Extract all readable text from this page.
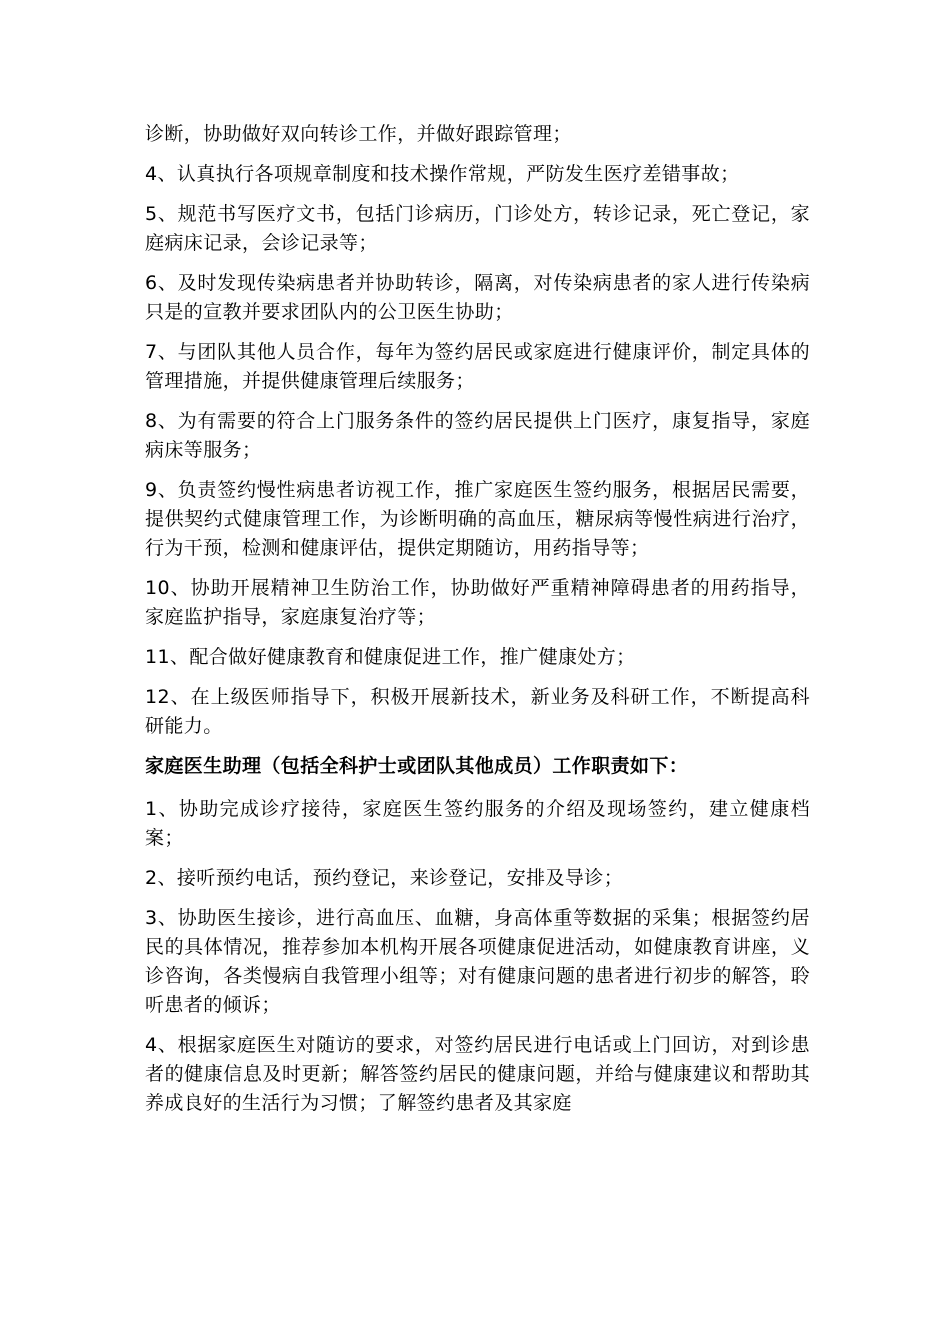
诊断，协助做好双向转诊工作，并做好跟踪管理；

4、认真执行各项规章制度和技术操作常规，严防发生医疗差错事故；

5、规范书写医疗文书，包括门诊病历，门诊处方，转诊记录，死亡登记，家庭病床记录，会诊记录等；

6、及时发现传染病患者并协助转诊，隔离，对传染病患者的家人进行传染病只是的宣教并要求团队内的公卫医生协助；

7、与团队其他人员合作，每年为签约居民或家庭进行健康评价，制定具体的管理措施，并提供健康管理后续服务；

8、为有需要的符合上门服务条件的签约居民提供上门医疗，康复指导，家庭病床等服务；

9、负责签约慢性病患者访视工作，推广家庭医生签约服务，根据居民需要，提供契约式健康管理工作，为诊断明确的高血压，糖尿病等慢性病进行治疗，行为干预，检测和健康评估，提供定期随访，用药指导等；

10、协助开展精神卫生防治工作，协助做好严重精神障碍患者的用药指导，家庭监护指导，家庭康复治疗等；

11、配合做好健康教育和健康促进工作，推广健康处方；

12、在上级医师指导下，积极开展新技术，新业务及科研工作，不断提高科研能力。

家庭医生助理（包括全科护士或团队其他成员）工作职责如下：

1、协助完成诊疗接待，家庭医生签约服务的介绍及现场签约，建立健康档案；

2、接听预约电话，预约登记，来诊登记，安排及导诊；

3、协助医生接诊，进行高血压、血糖，身高体重等数据的采集；根据签约居民的具体情况，推荐参加本机构开展各项健康促进活动，如健康教育讲座，义诊咨询，各类慢病自我管理小组等；对有健康问题的患者进行初步的解答，聆听患者的倾诉；

4、根据家庭医生对随访的要求，对签约居民进行电话或上门回访，对到诊患者的健康信息及时更新；解答签约居民的健康问题，并给与健康建议和帮助其养成良好的生活行为习惯；了解签约患者及其家庭
